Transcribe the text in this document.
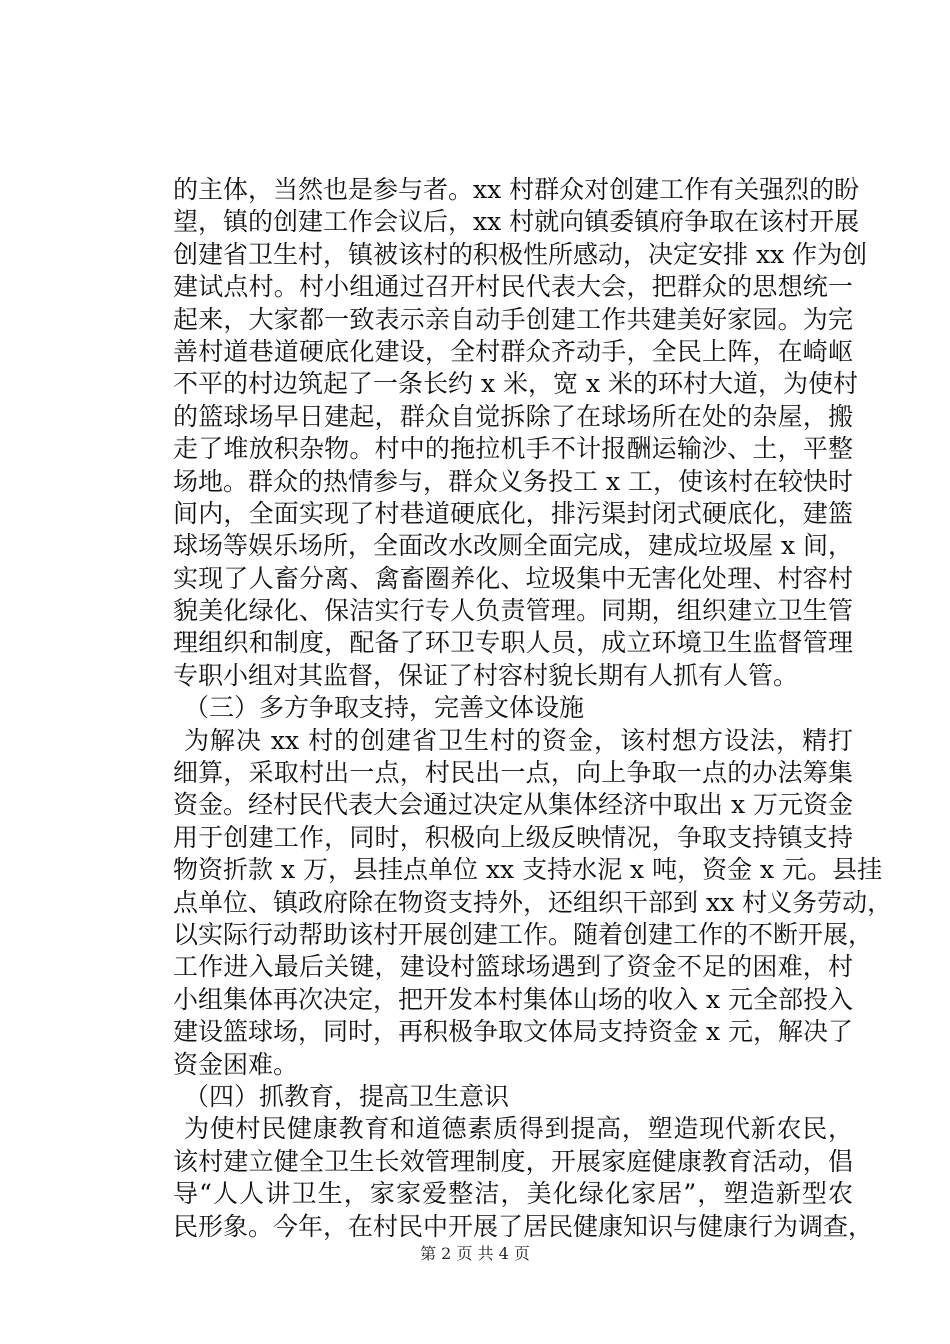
的主体，当然也是参与者。xx 村群众对创建工作有关强烈的盼
望，镇的创建工作会议后，xx 村就向镇委镇府争取在该村开展
创建省卫生村，镇被该村的积极性所感动，决定安排 xx 作为创
建试点村。村小组通过召开村民代表大会，把群众的思想统一
起来，大家都一致表示亲自动手创建工作共建美好家园。为完
善村道巷道硬底化建设，全村群众齐动手，全民上阵，在崎岖
不平的村边筑起了一条长约 x 米，宽 x 米的环村大道，为使村
的篮球场早日建起，群众自觉拆除了在球场所在处的杂屋，搬
走了堆放积杂物。村中的拖拉机手不计报酬运输沙、土，平整
场地。群众的热情参与，群众义务投工 x 工，使该村在较快时
间内，全面实现了村巷道硬底化，排污渠封闭式硬底化，建篮
球场等娱乐场所，全面改水改厕全面完成，建成垃圾屋 x 间，
实现了人畜分离、禽畜圈养化、垃圾集中无害化处理、村容村
貌美化绿化、保洁实行专人负责管理。同期，组织建立卫生管
理组织和制度，配备了环卫专职人员，成立环境卫生监督管理
专职小组对其监督，保证了村容村貌长期有人抓有人管。
（三）多方争取支持，完善文体设施
为解决 xx 村的创建省卫生村的资金，该村想方设法，精打
细算，采取村出一点，村民出一点，向上争取一点的办法筹集
资金。经村民代表大会通过决定从集体经济中取出 x 万元资金
用于创建工作，同时，积极向上级反映情况，争取支持镇支持
物资折款 x 万，县挂点单位 xx 支持水泥 x 吨，资金 x 元。县挂
点单位、镇政府除在物资支持外，还组织干部到 xx 村义务劳动，
以实际行动帮助该村开展创建工作。随着创建工作的不断开展，
工作进入最后关键，建设村篮球场遇到了资金不足的困难，村
小组集体再次决定，把开发本村集体山场的收入 x 元全部投入
建设篮球场，同时，再积极争取文体局支持资金 x 元，解决了
资金困难。
（四）抓教育，提高卫生意识
为使村民健康教育和道德素质得到提高，塑造现代新农民，
该村建立健全卫生长效管理制度，开展家庭健康教育活动，倡
导“人人讲卫生，家家爱整洁，美化绿化家居”，塑造新型农
民形象。今年，在村民中开展了居民健康知识与健康行为调查，
第 2 页 共 4 页
